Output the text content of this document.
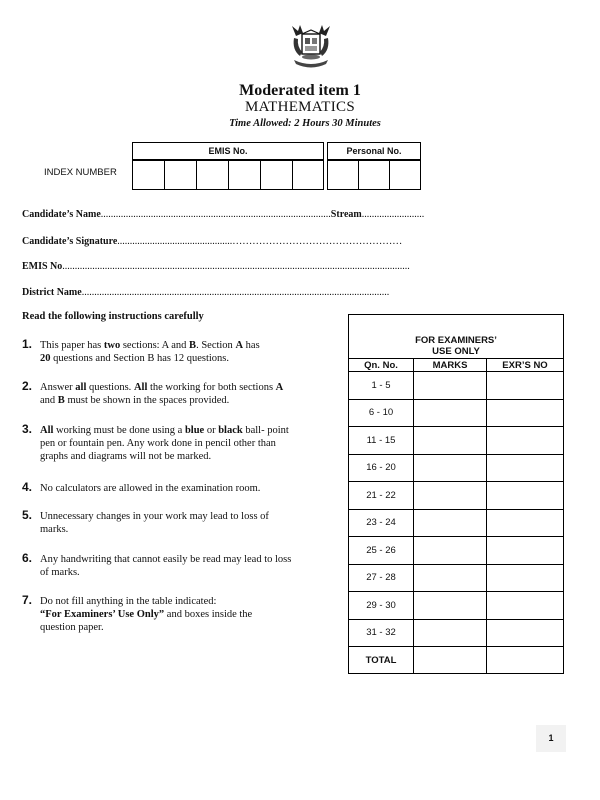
Moderated item 1
MATHEMATICS
Time Allowed: 2 Hours 30 Minutes
INDEX NUMBER
EMIS No.	Personal No.
Candidate’s Name............................................................................................Stream.........................
Candidate’s Signature..............................................……………………………………………
EMIS No...........................................................................................................................................
District Name...........................................................................................................................
Read the following instructions carefully
1. This paper has two sections: A and B. Section A has
20 questions and Section B has 12 questions.
2. Answer all questions. All the working for both sections A
and B must be shown in the spaces provided.
3. All working must be done using a blue or black ball- point
pen or fountain pen. Any work done in pencil other than
graphs and diagrams will not be marked.
4. No calculators are allowed in the examination room.
5. Unnecessary changes in your work may lead to loss of
marks.
6. Any handwriting that cannot easily be read may lead to loss
of marks.
7. Do not fill anything in the table indicated:
“For Examiners’ Use Only” and boxes inside the
question paper.
FOR EXAMINERS’
USE ONLY		
Qn. No.	MARKS	EXR’S NO
1 - 5		
6 - 10		
11 - 15		
16 - 20		
21 - 22		
23 - 24		
25 - 26		
27 - 28		
29 - 30		
31 - 32		
TOTAL		
1
